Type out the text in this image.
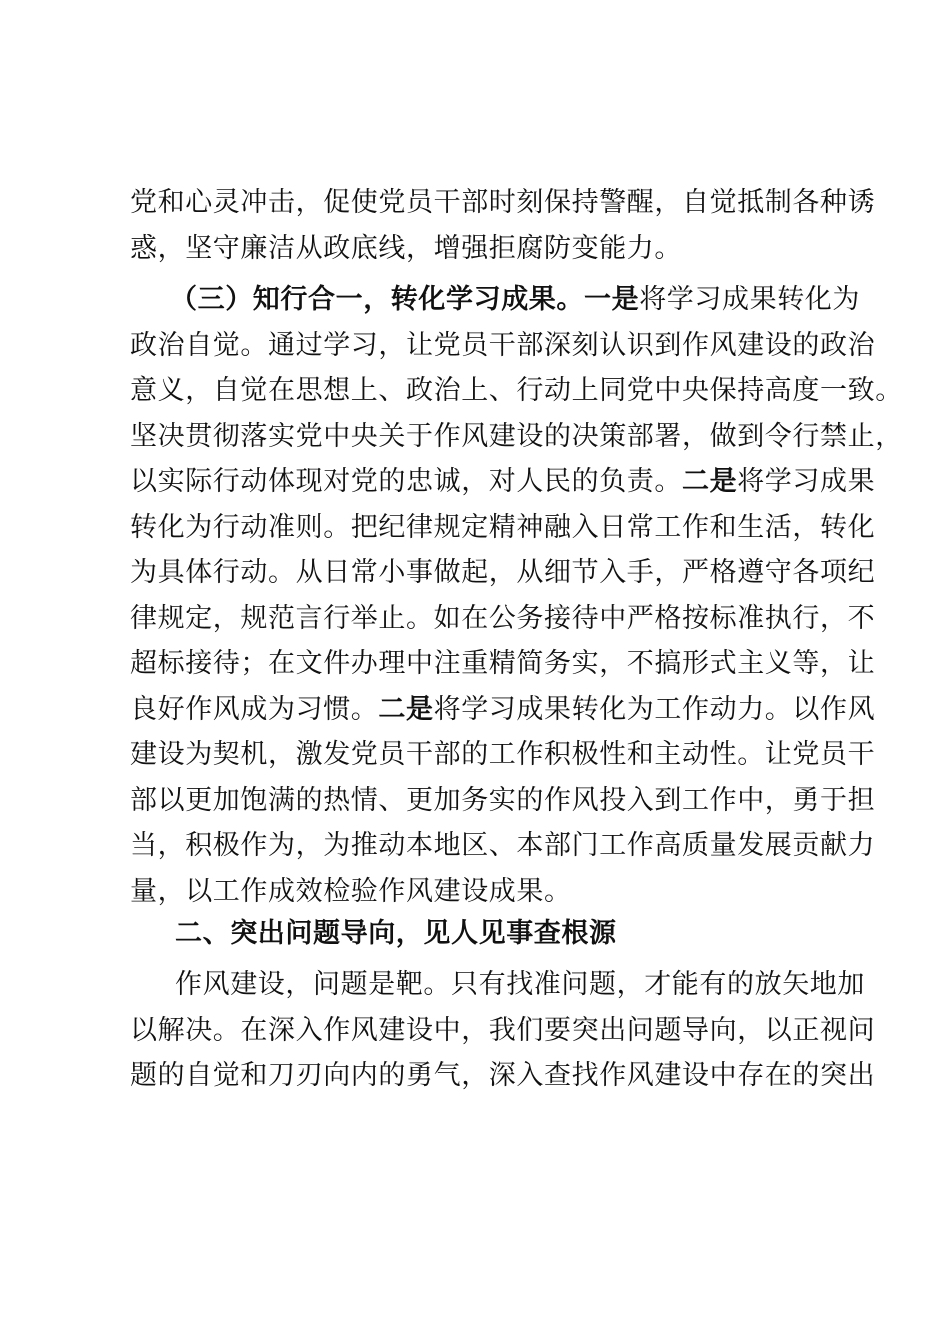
党和心灵冲击，促使党员干部时刻保持警醒，自觉抵制各种诱
惑，坚守廉洁从政底线，增强拒腐防变能力。
（三）知行合一，转化学习成果。一是将学习成果转化为
政治自觉。通过学习，让党员干部深刻认识到作风建设的政治
意义，自觉在思想上、政治上、行动上同党中央保持高度一致。
坚决贯彻落实党中央关于作风建设的决策部署，做到令行禁止，
以实际行动体现对党的忠诚，对人民的负责。二是将学习成果
转化为行动准则。把纪律规定精神融入日常工作和生活，转化
为具体行动。从日常小事做起，从细节入手，严格遵守各项纪
律规定，规范言行举止。如在公务接待中严格按标准执行，不
超标接待；在文件办理中注重精简务实，不搞形式主义等，让
良好作风成为习惯。二是将学习成果转化为工作动力。以作风
建设为契机，激发党员干部的工作积极性和主动性。让党员干
部以更加饱满的热情、更加务实的作风投入到工作中，勇于担
当，积极作为，为推动本地区、本部门工作高质量发展贡献力
量，以工作成效检验作风建设成果。
二、突出问题导向，见人见事查根源
作风建设，问题是靶。只有找准问题，才能有的放矢地加
以解决。在深入作风建设中，我们要突出问题导向，以正视问
题的自觉和刀刃向内的勇气，深入查找作风建设中存在的突出
